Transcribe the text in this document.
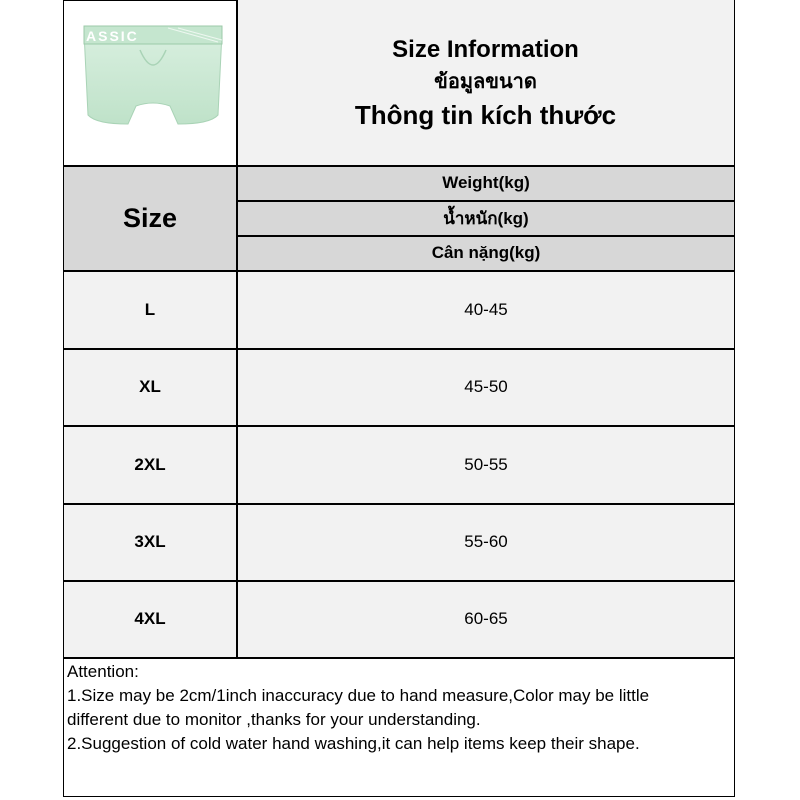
ASSIC	Size Information
ข้อมูลขนาด
Thông tin kích thước
Size
Weight(kg)
น้ำหนัก(kg)
Cân nặng(kg)
L	40-45
XL	45-50
2XL	50-55
3XL	55-60
4XL	60-65
Attention:
1.Size may be 2cm/1inch inaccuracy due to hand measure,Color may be little
different due to monitor ,thanks for your understanding.
2.Suggestion of cold water hand washing,it can help items keep their shape.
